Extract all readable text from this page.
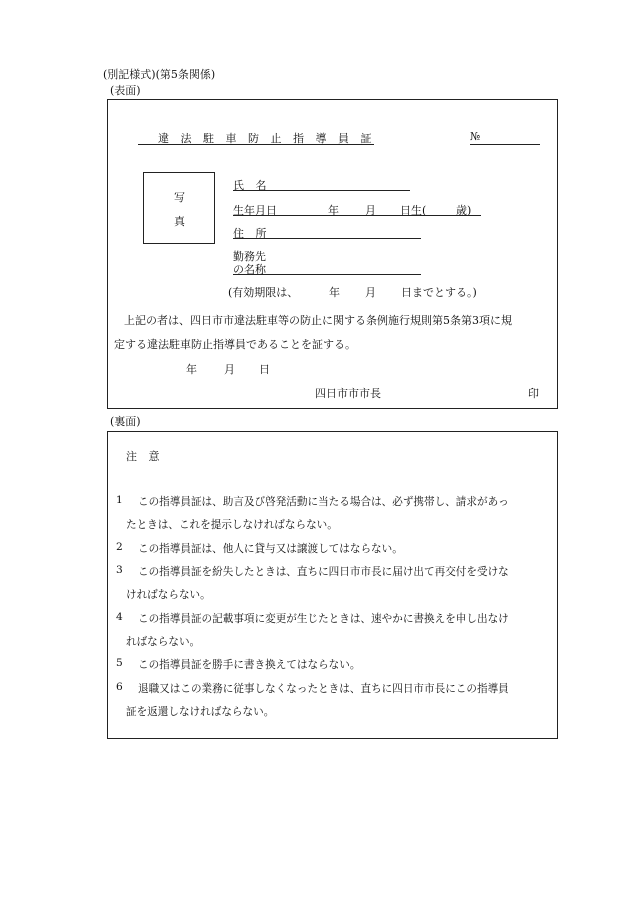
(別記様式)(第5条関係)
(表面)
違 法 駐 車 防 止 指 導 員 証	№
写
真
氏 名
生年月日	年 月 日生(	歳)
住 所
勤務先
の名称
(有効期限は、	年 月 日までとする。)
上記の者は、四日市市違法駐車等の防止に関する条例施行規則第5条第3項に規
定する違法駐車防止指導員であることを証する。
年 月 日
四日市市市長	印
(裏面)
注 意
1 この指導員証は、助言及び啓発活動に当たる場合は、必ず携帯し、請求があっ
たときは、これを提示しなければならない。
2 この指導員証は、他人に貸与又は譲渡してはならない。
3 この指導員証を紛失したときは、直ちに四日市市長に届け出て再交付を受けな
ければならない。
4 この指導員証の記載事項に変更が生じたときは、速やかに書換えを申し出なけ
ればならない。
5 この指導員証を勝手に書き換えてはならない。
6 退職又はこの業務に従事しなくなったときは、直ちに四日市市長にこの指導員
証を返還しなければならない。
